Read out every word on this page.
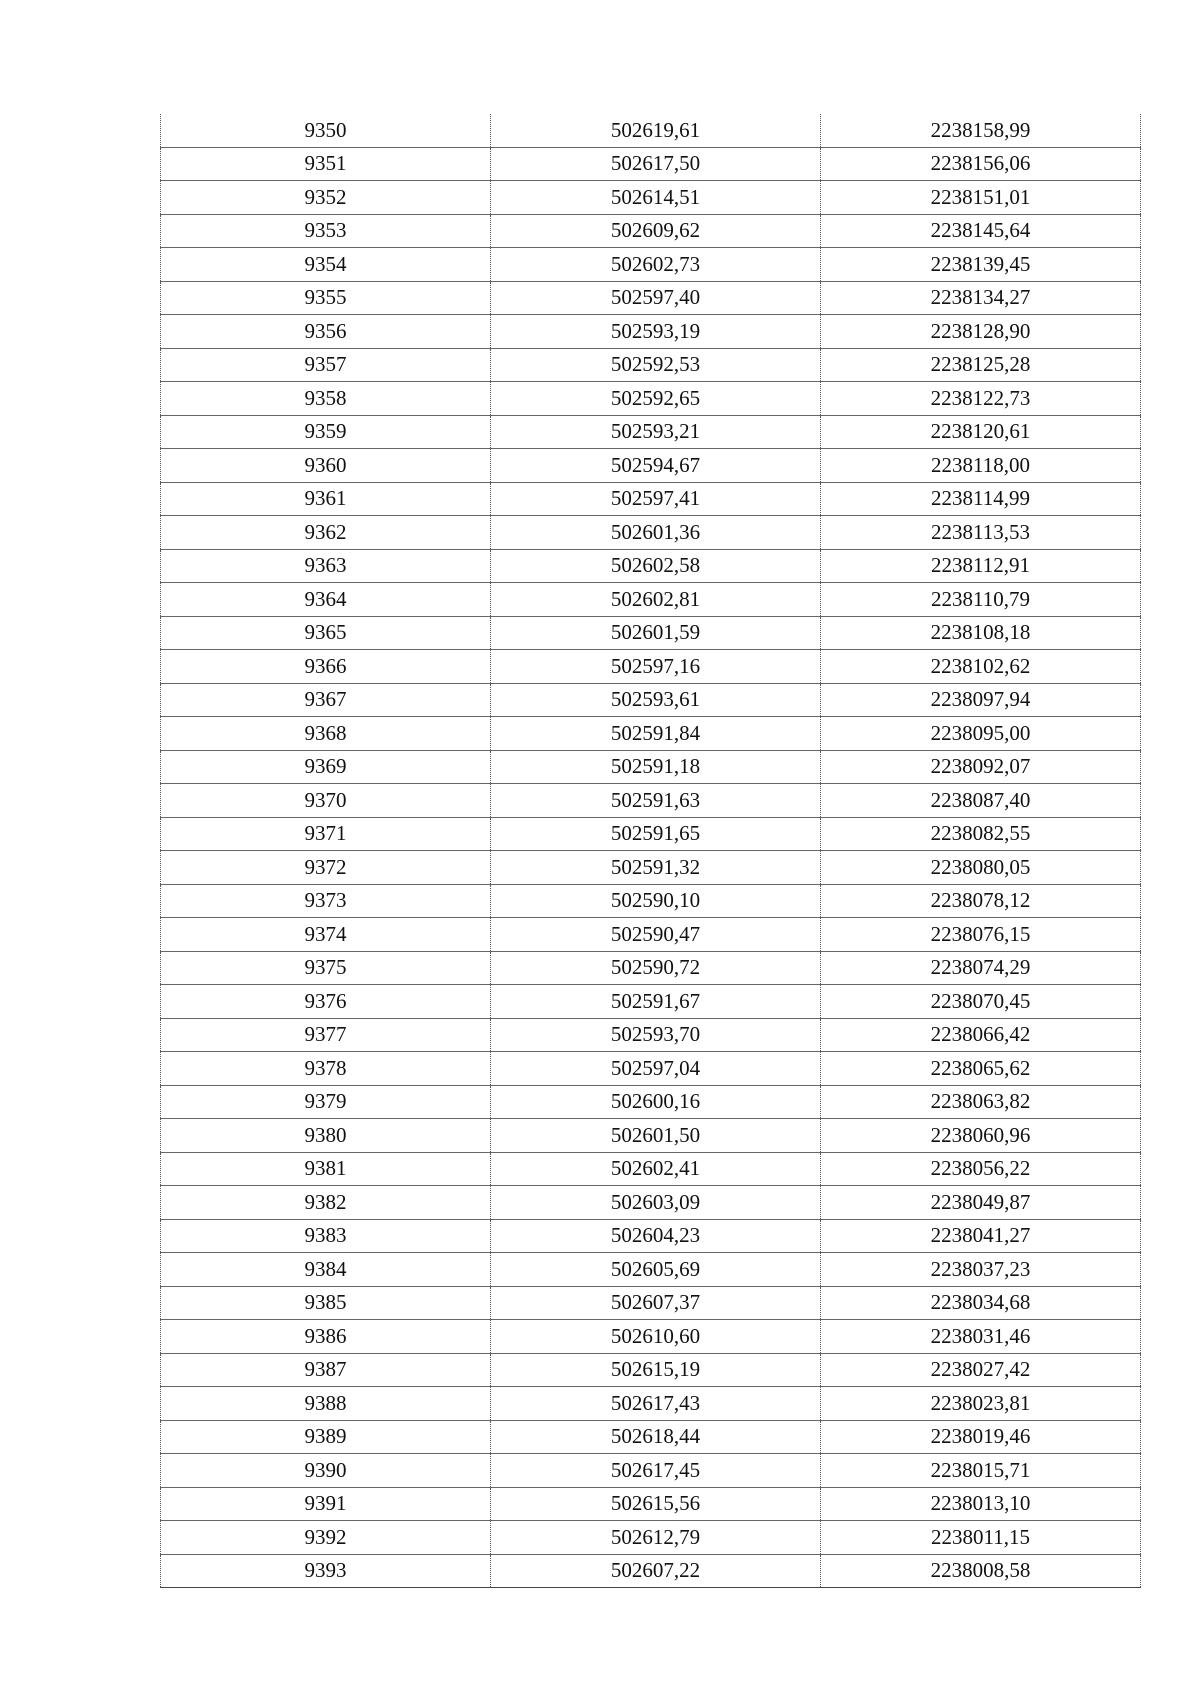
9350	502619,61	2238158,99
9351	502617,50	2238156,06
9352	502614,51	2238151,01
9353	502609,62	2238145,64
9354	502602,73	2238139,45
9355	502597,40	2238134,27
9356	502593,19	2238128,90
9357	502592,53	2238125,28
9358	502592,65	2238122,73
9359	502593,21	2238120,61
9360	502594,67	2238118,00
9361	502597,41	2238114,99
9362	502601,36	2238113,53
9363	502602,58	2238112,91
9364	502602,81	2238110,79
9365	502601,59	2238108,18
9366	502597,16	2238102,62
9367	502593,61	2238097,94
9368	502591,84	2238095,00
9369	502591,18	2238092,07
9370	502591,63	2238087,40
9371	502591,65	2238082,55
9372	502591,32	2238080,05
9373	502590,10	2238078,12
9374	502590,47	2238076,15
9375	502590,72	2238074,29
9376	502591,67	2238070,45
9377	502593,70	2238066,42
9378	502597,04	2238065,62
9379	502600,16	2238063,82
9380	502601,50	2238060,96
9381	502602,41	2238056,22
9382	502603,09	2238049,87
9383	502604,23	2238041,27
9384	502605,69	2238037,23
9385	502607,37	2238034,68
9386	502610,60	2238031,46
9387	502615,19	2238027,42
9388	502617,43	2238023,81
9389	502618,44	2238019,46
9390	502617,45	2238015,71
9391	502615,56	2238013,10
9392	502612,79	2238011,15
9393	502607,22	2238008,58
